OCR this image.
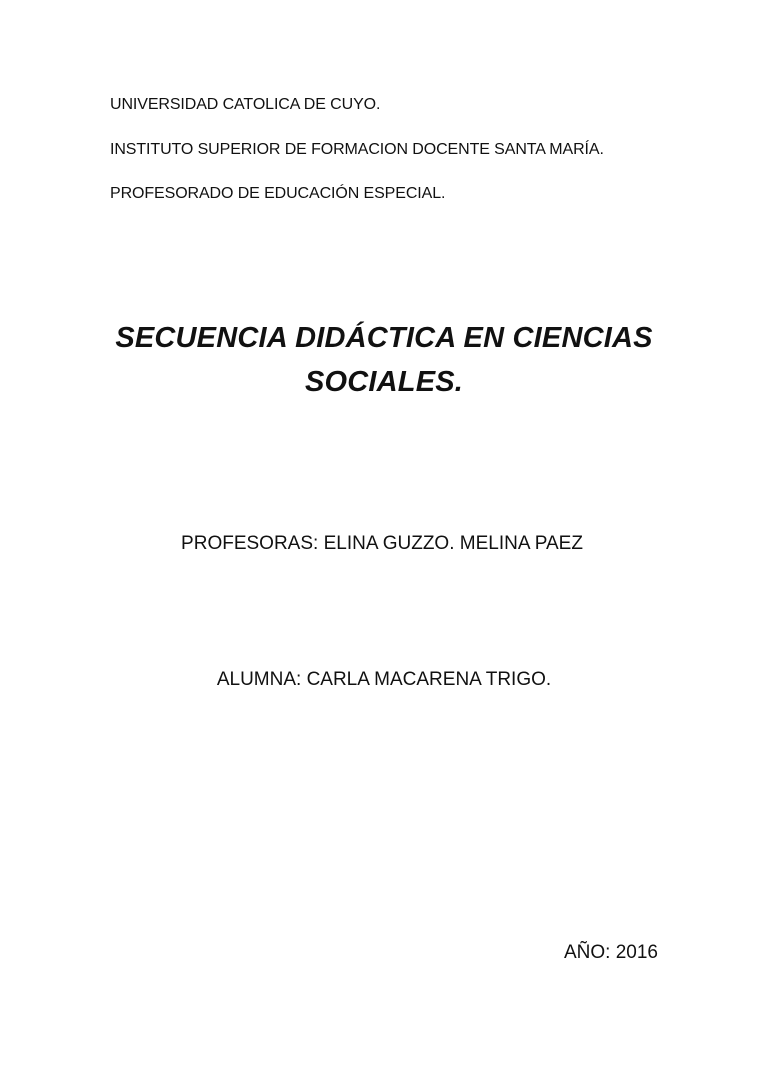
UNIVERSIDAD CATOLICA DE CUYO.
INSTITUTO SUPERIOR DE FORMACION DOCENTE SANTA MARÍA.
PROFESORADO DE EDUCACIÓN ESPECIAL.
SECUENCIA DIDÁCTICA EN CIENCIAS
SOCIALES.
PROFESORAS: ELINA GUZZO. MELINA PAEZ
ALUMNA: CARLA MACARENA TRIGO.
AÑO: 2016
